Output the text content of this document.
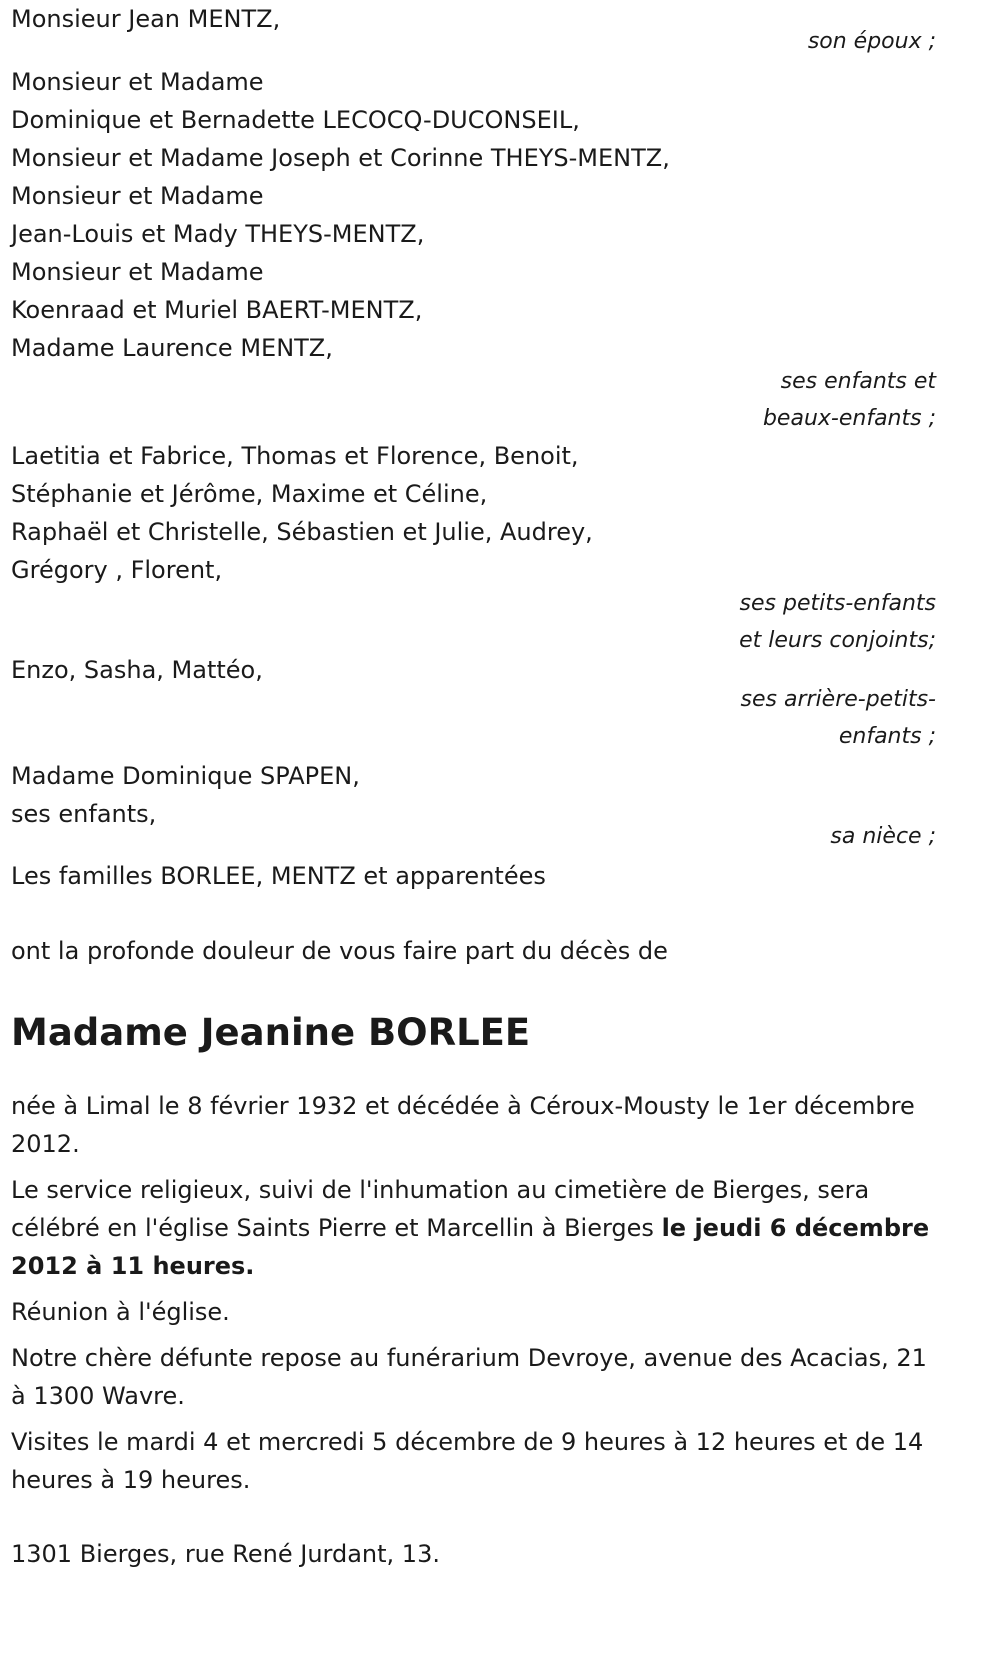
Monsieur Jean MENTZ,
son époux ;
Monsieur et Madame
Dominique et Bernadette LECOCQ-DUCONSEIL,
Monsieur et Madame Joseph et Corinne THEYS-MENTZ,
Monsieur et Madame
Jean-Louis et Mady THEYS-MENTZ,
Monsieur et Madame
Koenraad et Muriel BAERT-MENTZ,
Madame Laurence MENTZ,
ses enfants et
beaux-enfants ;
Laetitia et Fabrice, Thomas et Florence, Benoit,
Stéphanie et Jérôme, Maxime et Céline,
Raphaël et Christelle, Sébastien et Julie, Audrey,
Grégory , Florent,
ses petits-enfants
et leurs conjoints;
Enzo, Sasha, Mattéo,
ses arrière-petits-
enfants ;
Madame Dominique SPAPEN,
ses enfants,
sa nièce ;
Les familles BORLEE, MENTZ et apparentées
ont la profonde douleur de vous faire part du décès de
Madame Jeanine BORLEE
née à Limal le 8 février 1932 et décédée à Céroux-Mousty le 1er décembre 2012.
Le service religieux, suivi de l'inhumation au cimetière de Bierges, sera célébré en l'église Saints Pierre et Marcellin à Bierges le jeudi 6 décembre 2012 à 11 heures.
Réunion à l'église.
Notre chère défunte repose au funérarium Devroye, avenue des Acacias, 21 à 1300 Wavre.
Visites le mardi 4 et mercredi 5 décembre de 9 heures à 12 heures et de 14 heures à 19 heures.
1301 Bierges, rue René Jurdant, 13.
